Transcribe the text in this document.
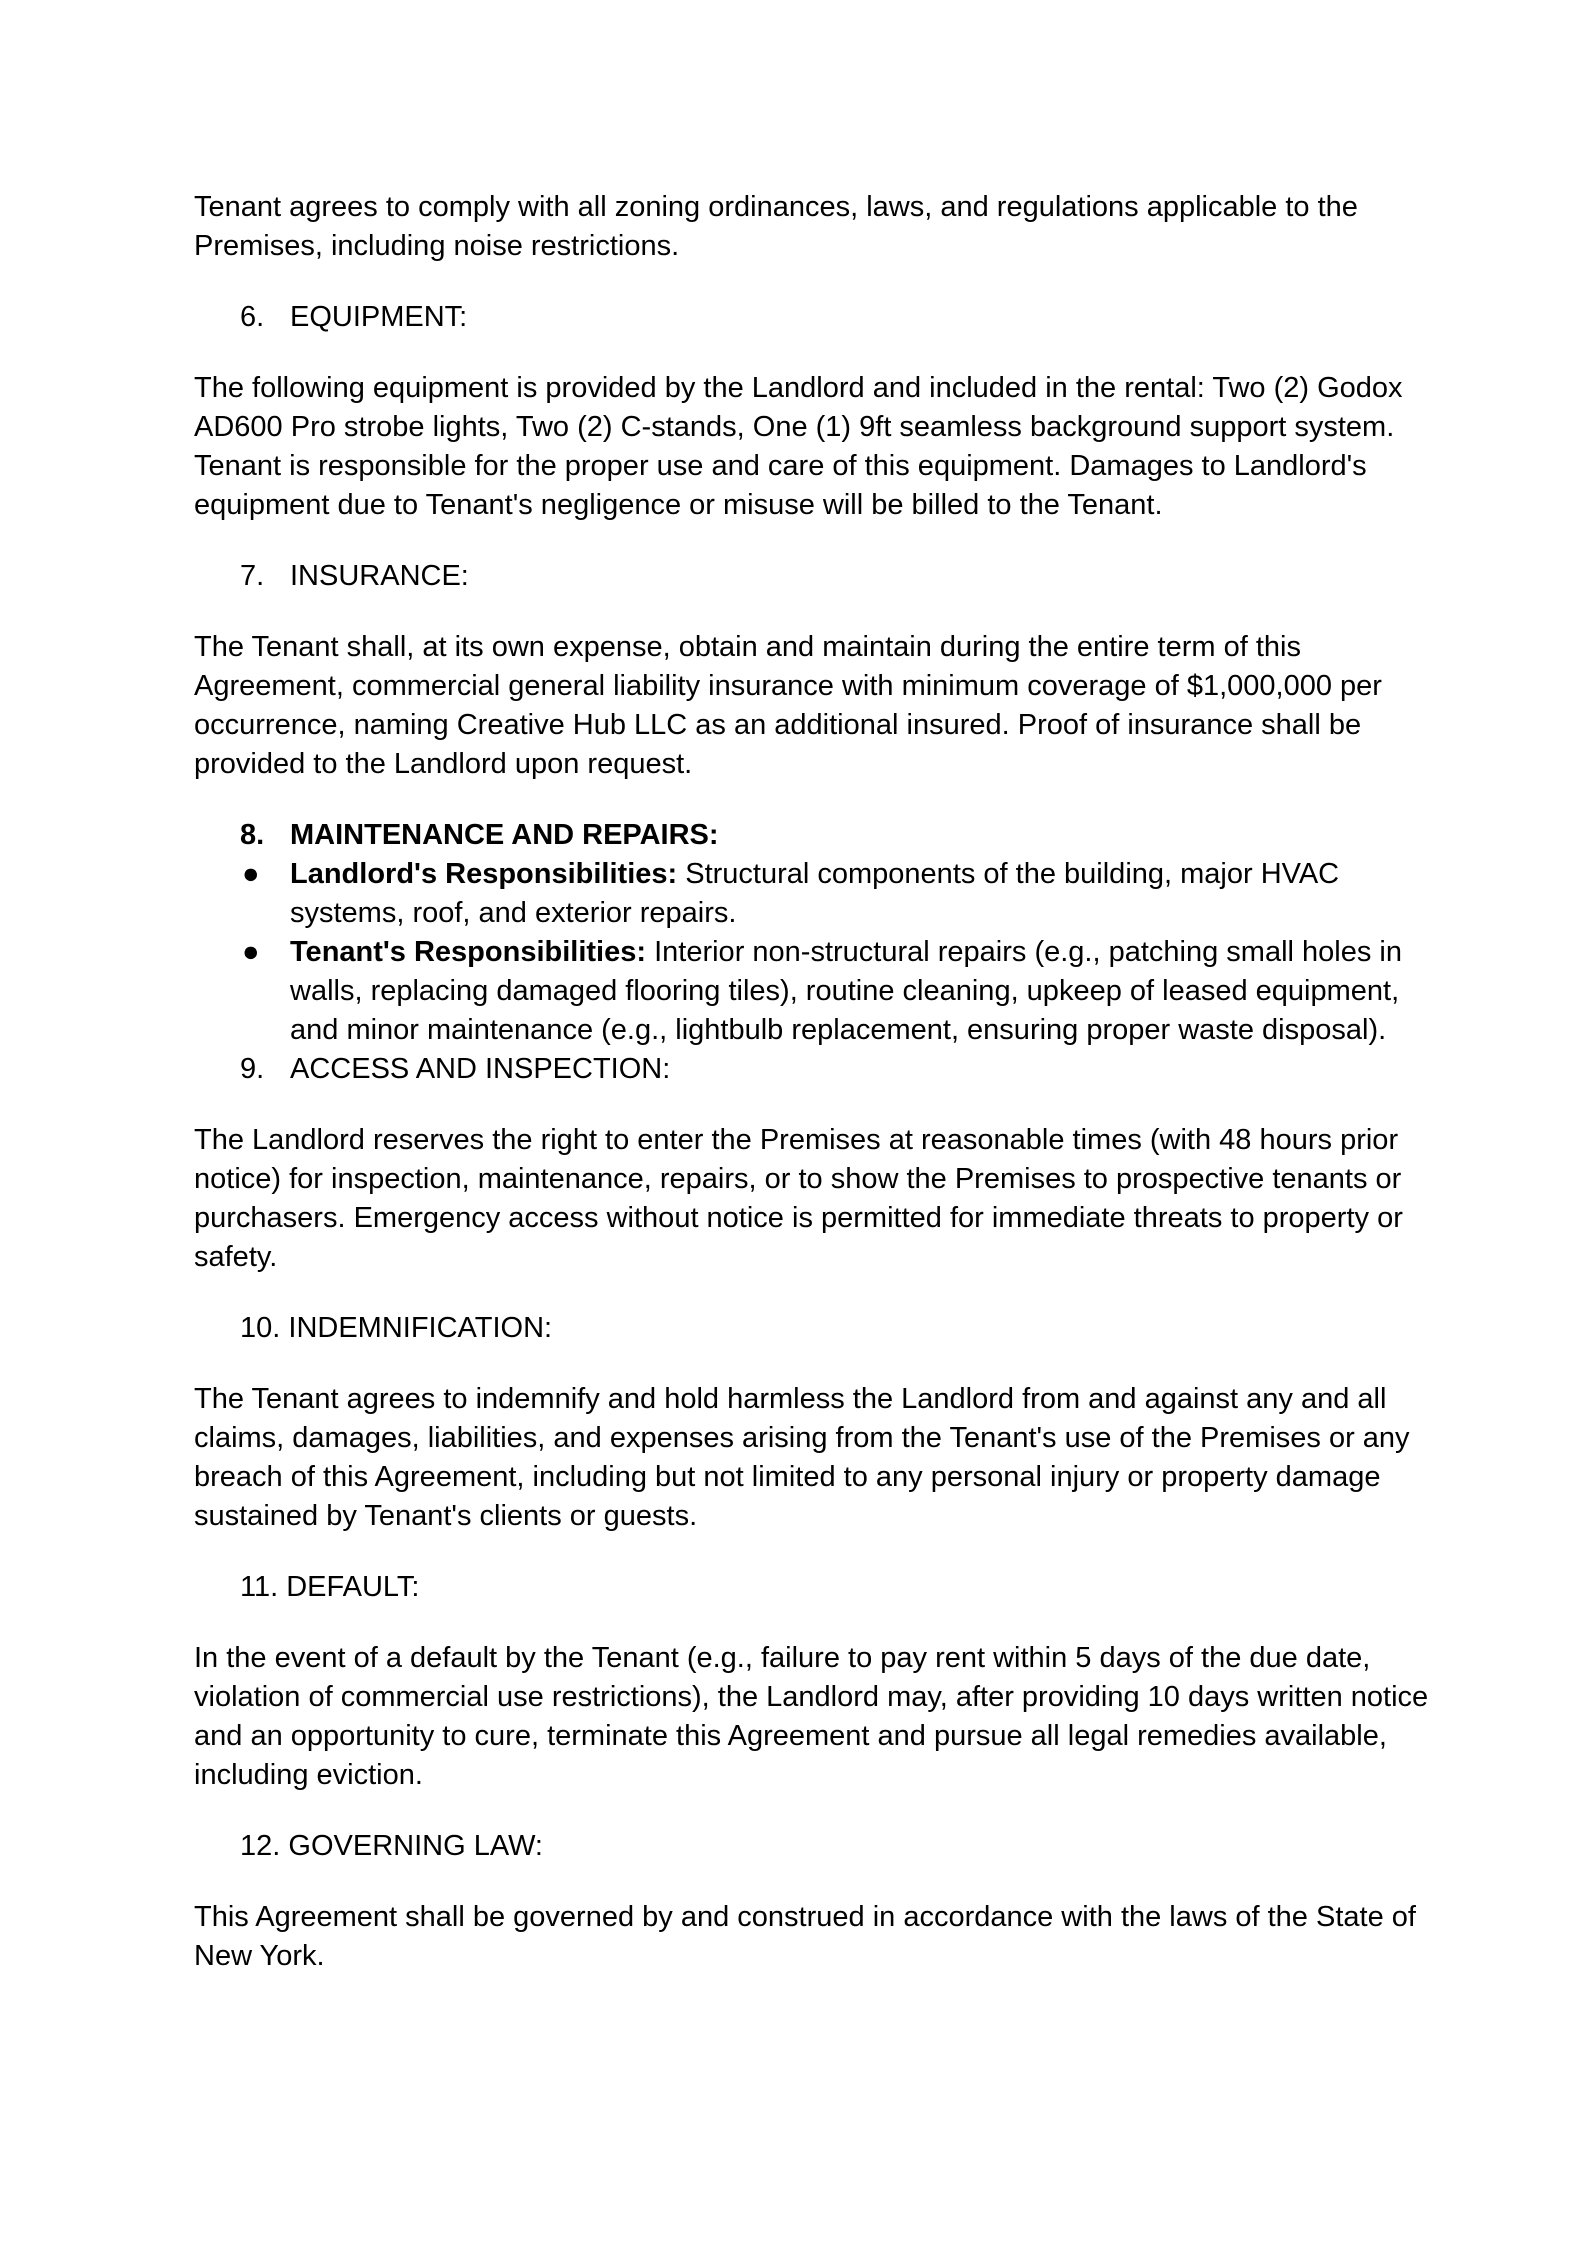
Tenant agrees to comply with all zoning ordinances, laws, and regulations applicable to the Premises, including noise restrictions.

6. EQUIPMENT:

The following equipment is provided by the Landlord and included in the rental: Two (2) Godox AD600 Pro strobe lights, Two (2) C-stands, One (1) 9ft seamless background support system. Tenant is responsible for the proper use and care of this equipment. Damages to Landlord's equipment due to Tenant's negligence or misuse will be billed to the Tenant.

7. INSURANCE:

The Tenant shall, at its own expense, obtain and maintain during the entire term of this Agreement, commercial general liability insurance with minimum coverage of $1,000,000 per occurrence, naming Creative Hub LLC as an additional insured. Proof of insurance shall be provided to the Landlord upon request.

8. MAINTENANCE AND REPAIRS:
● Landlord's Responsibilities: Structural components of the building, major HVAC systems, roof, and exterior repairs.
● Tenant's Responsibilities: Interior non-structural repairs (e.g., patching small holes in walls, replacing damaged flooring tiles), routine cleaning, upkeep of leased equipment, and minor maintenance (e.g., lightbulb replacement, ensuring proper waste disposal).
9. ACCESS AND INSPECTION:

The Landlord reserves the right to enter the Premises at reasonable times (with 48 hours prior notice) for inspection, maintenance, repairs, or to show the Premises to prospective tenants or purchasers. Emergency access without notice is permitted for immediate threats to property or safety.

10.
INDEMNIFICATION:

The Tenant agrees to indemnify and hold harmless the Landlord from and against any and all claims, damages, liabilities, and expenses arising from the Tenant's use of the Premises or any breach of this Agreement, including but not limited to any personal injury or property damage sustained by Tenant's clients or guests.

11.
DEFAULT:

In the event of a default by the Tenant (e.g., failure to pay rent within 5 days of the due date, violation of commercial use restrictions), the Landlord may, after providing 10 days written notice and an opportunity to cure, terminate this Agreement and pursue all legal remedies available, including eviction.

12.
GOVERNING LAW:

This Agreement shall be governed by and construed in accordance with the laws of the State of New York.
